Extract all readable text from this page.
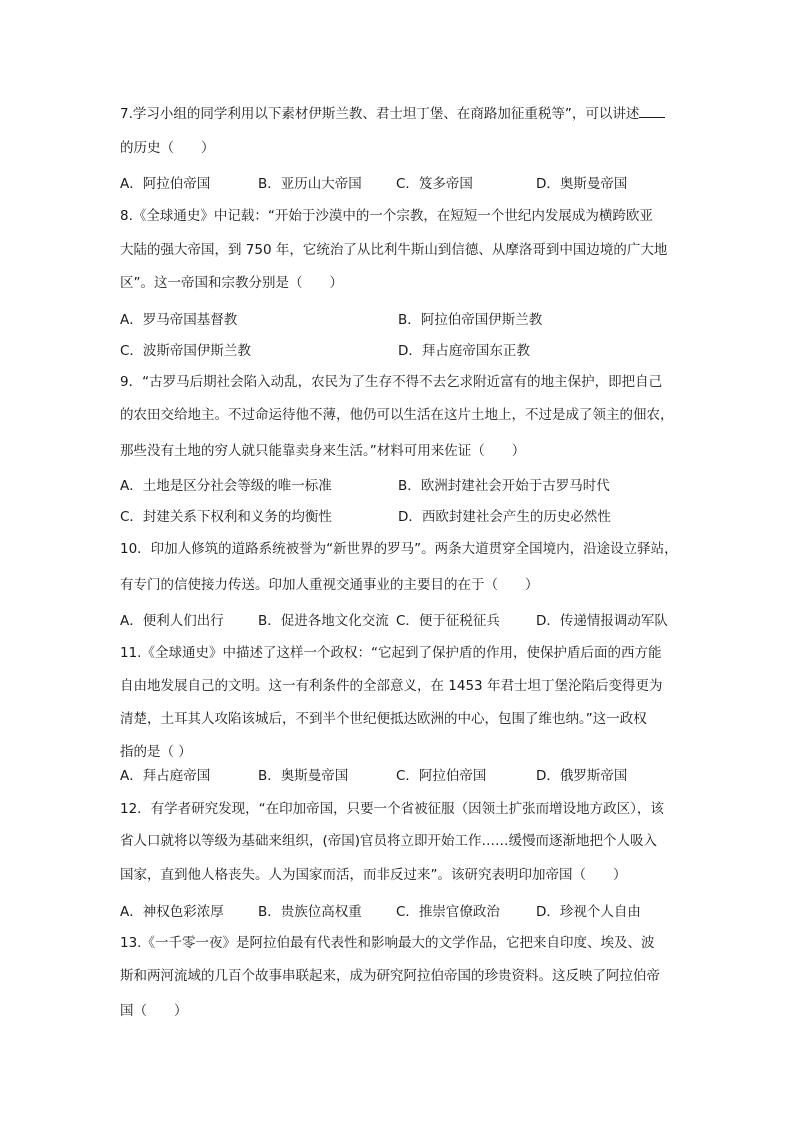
7.学习小组的同学利用以下素材伊斯兰教、君士坦丁堡、在商路加征重税等”，可以讲述
的历史（　　）
A．阿拉伯帝国	B．亚历山大帝国	C．笈多帝国	D．奥斯曼帝国
8.《全球通史》中记载：“开始于沙漠中的一个宗教，在短短一个世纪内发展成为横跨欧亚
大陆的强大帝国，到 750 年，它统治了从比利牛斯山到信德、从摩洛哥到中国边境的广大地
区”。这一帝国和宗教分别是（　　）
A．罗马帝国基督教	B．阿拉伯帝国伊斯兰教
C．波斯帝国伊斯兰教	D．拜占庭帝国东正教
9．“古罗马后期社会陷入动乱，农民为了生存不得不去乞求附近富有的地主保护，即把自己
的农田交给地主。不过命运待他不薄，他仍可以生活在这片土地上，不过是成了领主的佃农，
那些没有土地的穷人就只能靠卖身来生活。”材料可用来佐证（　　）
A．土地是区分社会等级的唯一标准	B．欧洲封建社会开始于古罗马时代
C．封建关系下权利和义务的均衡性	D．西欧封建社会产生的历史必然性
10．印加人修筑的道路系统被誉为“新世界的罗马”。两条大道贯穿全国境内，沿途设立驿站，
有专门的信使接力传送。印加人重视交通事业的主要目的在于（　　）
A．便利人们出行	B．促进各地文化交流 C．便于征税征兵	D．传递情报调动军队
11.《全球通史》中描述了这样一个政权：“它起到了保护盾的作用，使保护盾后面的西方能
自由地发展自己的文明。这一有利条件的全部意义，在 1453 年君士坦丁堡沦陷后变得更为
清楚，土耳其人攻陷该城后，不到半个世纪便抵达欧洲的中心，包围了维也纳。”这一政权
指的是（ ）
A．拜占庭帝国	B．奥斯曼帝国	C．阿拉伯帝国	D．俄罗斯帝国
12．有学者研究发现，“在印加帝国，只要一个省被征服（因领土扩张而增设地方政区），该
省人口就将以等级为基础来组织，(帝国)官员将立即开始工作……缓慢而逐渐地把个人吸入
国家，直到他人格丧失。人为国家而活，而非反过来”。该研究表明印加帝国（　　）
A．神权色彩浓厚	B．贵族位高权重	C．推崇官僚政治	D．珍视个人自由
13.《一千零一夜》是阿拉伯最有代表性和影响最大的文学作品，它把来自印度、埃及、波
斯和两河流域的几百个故事串联起来，成为研究阿拉伯帝国的珍贵资料。这反映了阿拉伯帝
国（　　）
